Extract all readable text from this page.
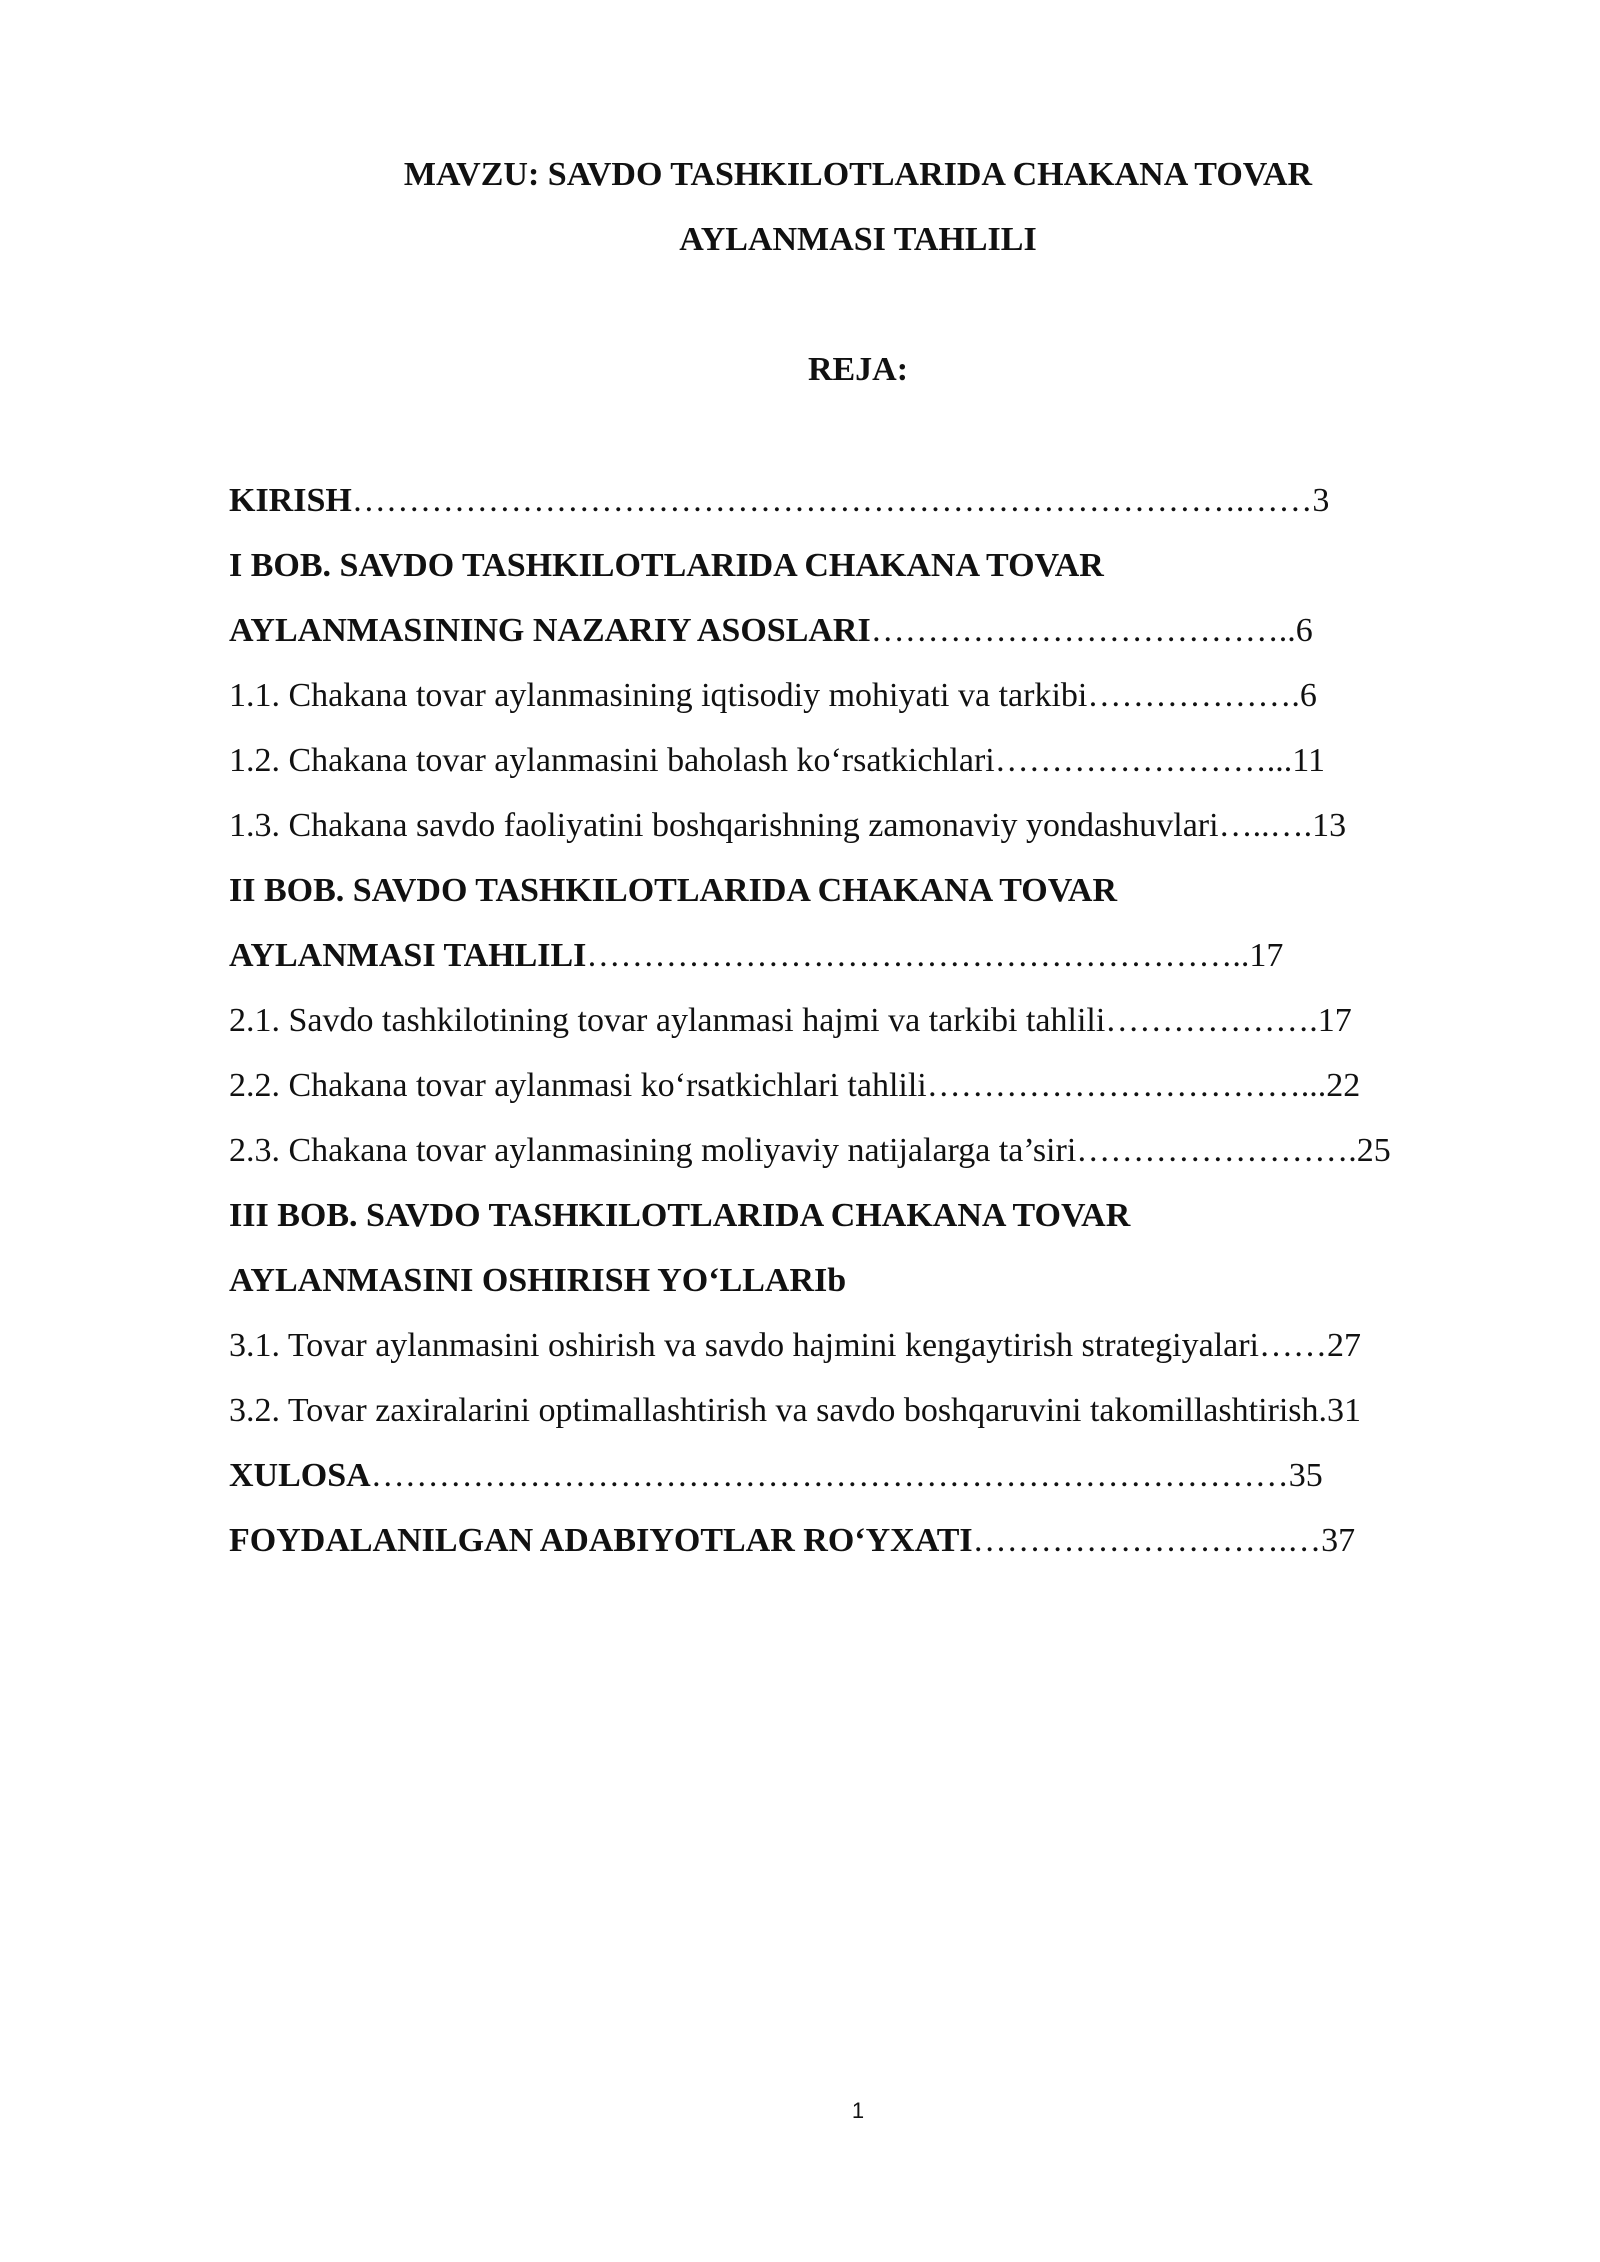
MAVZU: SAVDO TASHKILOTLARIDA CHAKANA TOVAR
AYLANMASI TAHLILI
REJA:
KIRISH…………………………………………………………………….……3
I BOB. SAVDO TASHKILOTLARIDA CHAKANA TOVAR
AYLANMASINING NAZARIY ASOSLARI………………………………..6
1.1. Chakana tovar aylanmasining iqtisodiy mohiyati va tarkibi……………….6
1.2. Chakana tovar aylanmasini baholash ko‘rsatkichlari……………………...11
1.3. Chakana savdo faoliyatini boshqarishning zamonaviy yondashuvlari…..….13
II BOB. SAVDO TASHKILOTLARIDA CHAKANA TOVAR
AYLANMASI TAHLILI…………………………………………………..17
2.1. Savdo tashkilotining tovar aylanmasi hajmi va tarkibi tahlili……………….17
2.2. Chakana tovar aylanmasi ko‘rsatkichlari tahlili……………………………...22
2.3. Chakana tovar aylanmasining moliyaviy natijalarga ta’siri…………………….25
III BOB. SAVDO TASHKILOTLARIDA CHAKANA TOVAR
AYLANMASINI OSHIRISH YO‘LLARIb
3.1. Tovar aylanmasini oshirish va savdo hajmini kengaytirish strategiyalari……27
3.2. Tovar zaxiralarini optimallashtirish va savdo boshqaruvini takomillashtirish.31
XULOSA………………………………………………………………………35
FOYDALANILGAN ADABIYOTLAR RO‘YXATI……………………….…37
1
